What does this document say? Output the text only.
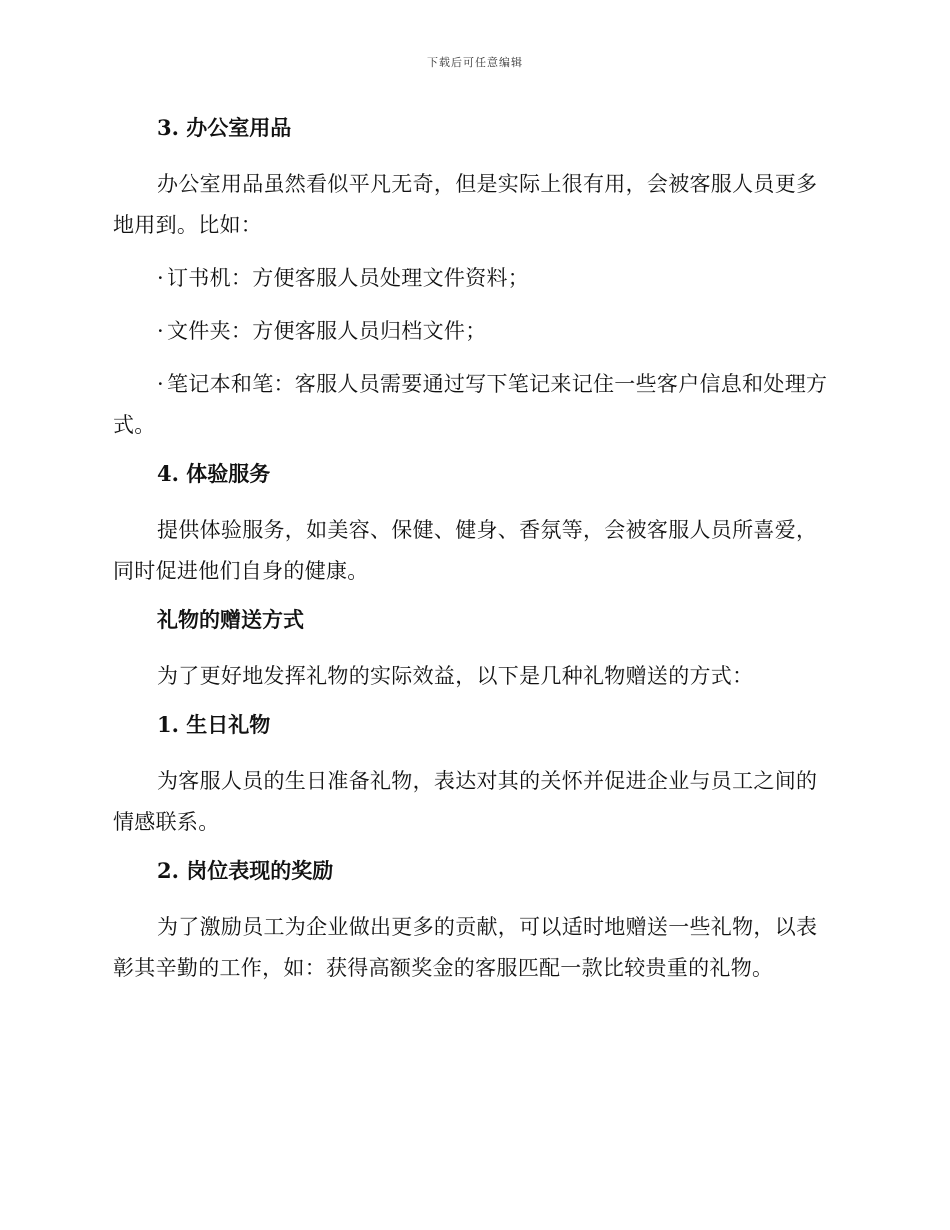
下载后可任意编辑
3. 办公室用品
办公室用品虽然看似平凡无奇，但是实际上很有用，会被客服人员更多地用到。比如：
· 订书机：方便客服人员处理文件资料；
· 文件夹：方便客服人员归档文件；
· 笔记本和笔：客服人员需要通过写下笔记来记住一些客户信息和处理方式。
4. 体验服务
提供体验服务，如美容、保健、健身、香氛等，会被客服人员所喜爱，同时促进他们自身的健康。
礼物的赠送方式
为了更好地发挥礼物的实际效益，以下是几种礼物赠送的方式：
1. 生日礼物
为客服人员的生日准备礼物，表达对其的关怀并促进企业与员工之间的情感联系。
2. 岗位表现的奖励
为了激励员工为企业做出更多的贡献，可以适时地赠送一些礼物，以表彰其辛勤的工作，如：获得高额奖金的客服匹配一款比较贵重的礼物。
